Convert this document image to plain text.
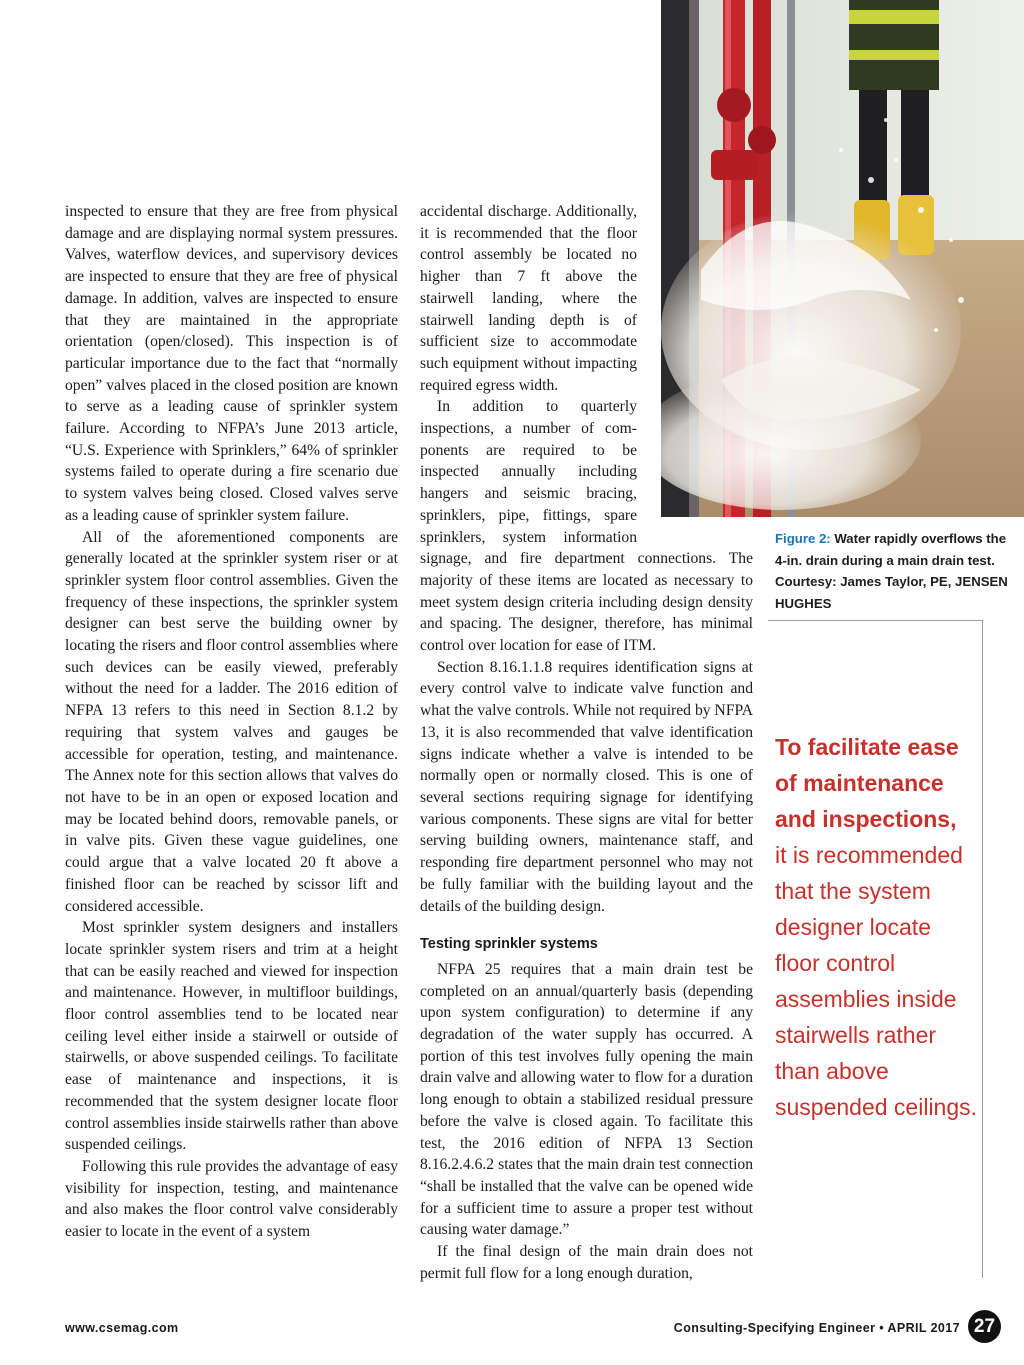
inspected to ensure that they are free from physical damage and are displaying normal system pressures. Valves, waterflow devices, and supervisory devices are inspected to ensure that they are free of physical damage. In addition, valves are inspected to ensure that they are maintained in the appropriate orientation (open/closed). This inspection is of particular importance due to the fact that “normally open” valves placed in the closed position are known to serve as a leading cause of sprinkler system failure. According to NFPA’s June 2013 article, “U.S. Experience with Sprinklers,” 64% of sprinkler systems failed to operate during a fire scenario due to system valves being closed. Closed valves serve as a leading cause of sprinkler system failure.

All of the aforementioned components are generally located at the sprinkler system riser or at sprinkler system floor control assemblies. Given the frequency of these inspections, the sprinkler system designer can best serve the building owner by locating the risers and floor control assemblies where such devices can be easily viewed, preferably without the need for a ladder. The 2016 edition of NFPA 13 refers to this need in Section 8.1.2 by requiring that system valves and gauges be accessible for operation, testing, and maintenance. The Annex note for this section allows that valves do not have to be in an open or exposed location and may be located behind doors, removable panels, or in valve pits. Given these vague guidelines, one could argue that a valve located 20 ft above a finished floor can be reached by scissor lift and considered accessible.

Most sprinkler system designers and installers locate sprinkler system risers and trim at a height that can be easily reached and viewed for inspection and maintenance. However, in multifloor buildings, floor control assemblies tend to be located near ceiling level either inside a stairwell or outside of stairwells, or above suspended ceilings. To facilitate ease of maintenance and inspections, it is recommended that the system designer locate floor control assemblies inside stairwells rather than above suspended ceilings.

Following this rule provides the advantage of easy visibility for inspection, testing, and maintenance and also makes the floor control valve considerably easier to locate in the event of a system

accidental discharge. Additionally, it is recommended that the floor control assembly be located no higher than 7 ft above the stairwell landing, where the stairwell landing depth is of sufficient size to accommodate such equipment without impacting required egress width.

In addition to quarterly inspections, a number of components are required to be inspected annually including hangers and seismic bracing, sprinklers, pipe, fittings, spare sprinklers, system information signage, and fire department connections. The majority of these items are located as necessary to meet system design criteria including design density and spacing. The designer, therefore, has minimal control over location for ease of ITM.

Section 8.16.1.1.8 requires identification signs at every control valve to indicate valve function and what the valve controls. While not required by NFPA 13, it is also recommended that valve identification signs indicate whether a valve is intended to be normally open or normally closed. This is one of several sections requiring signage for identifying various components. These signs are vital for better serving building owners, maintenance staff, and responding fire department personnel who may not be fully familiar with the building layout and the details of the building design.

Testing sprinkler systems

NFPA 25 requires that a main drain test be completed on an annual/quarterly basis (depending upon system configuration) to determine if any degradation of the water supply has occurred. A portion of this test involves fully opening the main drain valve and allowing water to flow for a duration long enough to obtain a stabilized residual pressure before the valve is closed again. To facilitate this test, the 2016 edition of NFPA 13 Section 8.16.2.4.6.2 states that the main drain test connection “shall be installed that the valve can be opened wide for a sufficient time to assure a proper test without causing water damage.”

If the final design of the main drain does not permit full flow for a long enough duration,

Figure 2: Water rapidly overflows the 4-in. drain during a main drain test. Courtesy: James Taylor, PE, JENSEN HUGHES
To facilitate ease of maintenance and inspections,
it is recommended that the system designer locate floor control assemblies inside stairwells rather than above suspended ceilings.
www.csemag.com	Consulting-Specifying Engineer • APRIL 2017 27
